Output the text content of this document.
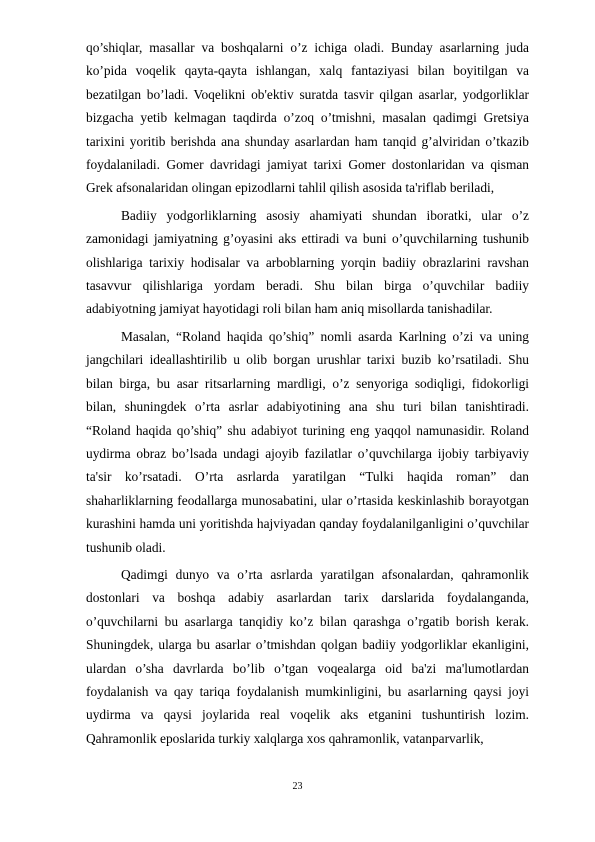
qo’shiqlar, masallar va boshqalarni o’z ichiga oladi. Bunday asarlarning juda ko’pida voqelik qayta-qayta ishlangan, xalq fantaziyasi bilan boyitilgan va bezatilgan bo’ladi. Voqelikni ob'ektiv suratda tasvir qilgan asarlar, yodgorliklar bizgacha yetib kelmagan taqdirda o’zoq o’tmishni, masalan qadimgi Gretsiya tarixini yoritib berishda ana shunday asarlardan ham tanqid g’alviridan o’tkazib foydalaniladi. Gomer davridagi jamiyat tarixi Gomer dostonlaridan va qisman Grek afsonalaridan olingan epizodlarni tahlil qilish asosida ta'riflab beriladi,

Badiiy yodgorliklarning asosiy ahamiyati shundan iboratki, ular o’z zamonidagi jamiyatning g’oyasini aks ettiradi va buni o’quvchilarning tushunib olishlariga tarixiy hodisalar va arboblarning yorqin badiiy obrazlarini ravshan tasavvur qilishlariga yordam beradi. Shu bilan birga o’quvchilar badiiy adabiyotning jamiyat hayotidagi roli bilan ham aniq misollarda tanishadilar.

Masalan, “Roland haqida qo’shiq” nomli asarda Karlning o’zi va uning jangchilari ideallashtirilib u olib borgan urushlar tarixi buzib ko’rsatiladi. Shu bilan birga, bu asar ritsarlarning mardligi, o’z senyoriga sodiqligi, fidokorligi bilan, shuningdek o’rta asrlar adabiyotining ana shu turi bilan tanishtiradi. “Roland haqida qo’shiq” shu adabiyot turining eng yaqqol namunasidir. Roland uydirma obraz bo’lsada undagi ajoyib fazilatlar o’quvchilarga ijobiy tarbiyaviy ta'sir ko’rsatadi. O’rta asrlarda yaratilgan “Tulki haqida roman” dan shaharliklarning feodallarga munosabatini, ular o’rtasida keskinlashib borayotgan kurashini hamda uni yoritishda hajviyadan qanday foydalanilganligini o’quvchilar tushunib oladi.

Qadimgi dunyo va o’rta asrlarda yaratilgan afsonalardan, qahramonlik dostonlari va boshqa adabiy asarlardan tarix darslarida foydalanganda, o’quvchilarni bu asarlarga tanqidiy ko’z bilan qarashga o’rgatib borish kerak. Shuningdek, ularga bu asarlar o’tmishdan qolgan badiiy yodgorliklar ekanligini, ulardan o’sha davrlarda bo’lib o’tgan voqealarga oid ba'zi ma'lumotlardan foydalanish va qay tariqa foydalanish mumkinligini, bu asarlarning qaysi joyi uydirma va qaysi joylarida real voqelik aks etganini tushuntirish lozim. Qahramonlik eposlarida turkiy xalqlarga xos qahramonlik, vatanparvarlik,

23
